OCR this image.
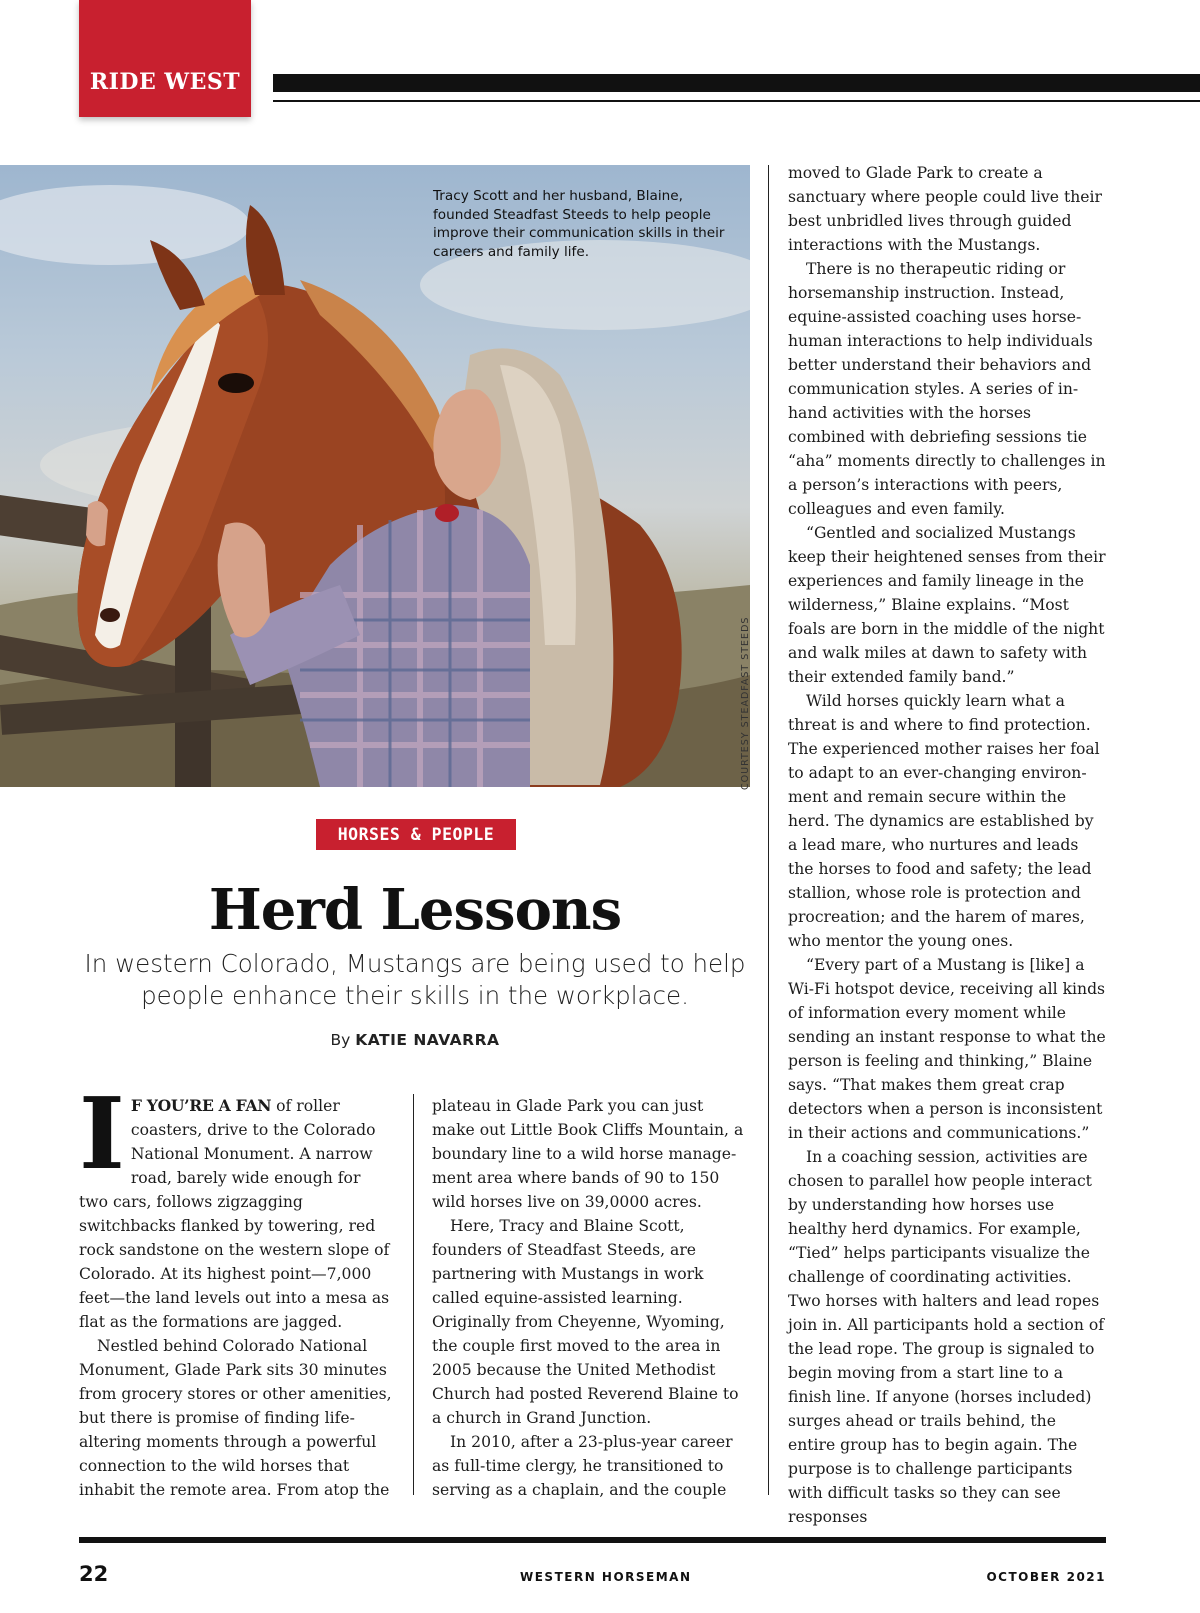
RIDE WEST
Tracy Scott and her husband, Blaine, founded Steadfast Steeds to help people improve their communication skills in their careers and family life.
COURTESY STEADFAST STEEDS
HORSES & PEOPLE
Herd Lessons
In western Colorado, Mustangs are being used to help people enhance their skills in the workplace.
By KATIE NAVARRA

I F YOU’RE A FAN of roller coasters, drive to the Colorado National Monument. A narrow road, barely wide enough for two cars, follows zigzagging switchbacks flanked by towering, red rock sandstone on the western slope of Colorado. At its highest point—7,000 feet—the land levels out into a mesa as flat as the formations are jagged.

Nestled behind Colorado National Monument, Glade Park sits 30 minutes from grocery stores or other amenities, but there is promise of finding life-altering moments through a powerful connection to the wild horses that inhabit the remote area. From atop the

plateau in Glade Park you can just make out Little Book Cliffs Mountain, a boundary line to a wild horse management area where bands of 90 to 150 wild horses live on 39,0000 acres.

Here, Tracy and Blaine Scott, founders of Steadfast Steeds, are partnering with Mustangs in work called equine-assisted learning. Originally from Cheyenne, Wyoming, the couple first moved to the area in 2005 because the United Methodist Church had posted Reverend Blaine to a church in Grand Junction.

In 2010, after a 23-plus-year career as full-time clergy, he transitioned to serving as a chaplain, and the couple

moved to Glade Park to create a sanctuary where people could live their best unbridled lives through guided interactions with the Mustangs.

There is no therapeutic riding or horsemanship instruction. Instead, equine-assisted coaching uses horse-human interactions to help individuals better understand their behaviors and communication styles. A series of in-hand activities with the horses combined with debriefing sessions tie “aha” moments directly to challenges in a person’s interactions with peers, colleagues and even family.

“Gentled and socialized Mustangs keep their heightened senses from their experiences and family lineage in the wilderness,” Blaine explains. “Most foals are born in the middle of the night and walk miles at dawn to safety with their extended family band.”

Wild horses quickly learn what a threat is and where to find protection. The experienced mother raises her foal to adapt to an ever-changing environment and remain secure within the herd. The dynamics are established by a lead mare, who nurtures and leads the horses to food and safety; the lead stallion, whose role is protection and procreation; and the harem of mares, who mentor the young ones.

“Every part of a Mustang is [like] a Wi-Fi hotspot device, receiving all kinds of information every moment while sending an instant response to what the person is feeling and thinking,” Blaine says. “That makes them great crap detectors when a person is inconsistent in their actions and communications.”

In a coaching session, activities are chosen to parallel how people interact by understanding how horses use healthy herd dynamics. For example, “Tied” helps participants visualize the challenge of coordinating activities. Two horses with halters and lead ropes join in. All participants hold a section of the lead rope. The group is signaled to begin moving from a start line to a finish line. If anyone (horses included) surges ahead or trails behind, the entire group has to begin again. The purpose is to challenge participants with difficult tasks so they can see responses

22	WESTERN HORSEMAN	OCTOBER 2021
